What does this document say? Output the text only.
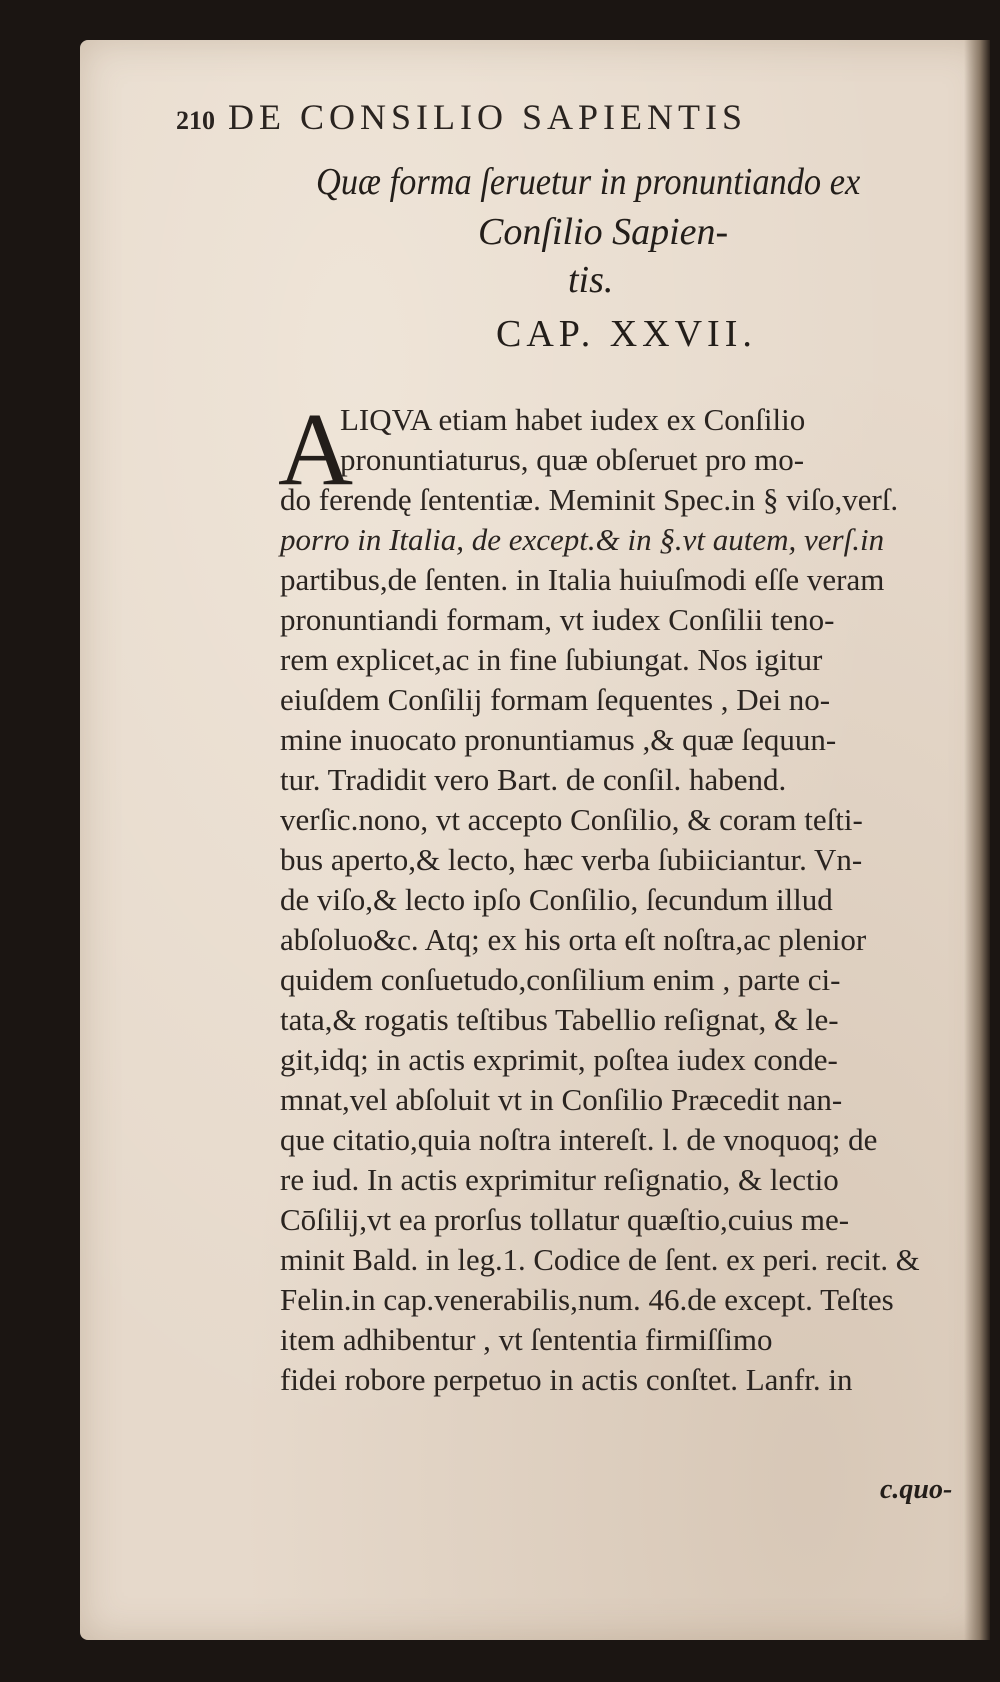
210 DE CONSILIO SAPIENTIS
Quæ forma ſeruetur in pronuntiando ex
Conſilio Sapien-
tis.
CAP. XXVII.
A
LIQVA etiam habet iudex ex Conſilio
pronuntiaturus, quæ obſeruet pro mo-
do ferendę ſententiæ. Meminit Spec.in § viſo,verſ.
porro in Italia, de except.& in §.vt autem, verſ.in
partibus,de ſenten. in Italia huiuſmodi eſſe veram
pronuntiandi formam, vt iudex Conſilii teno-
rem explicet,ac in fine ſubiungat. Nos igitur
eiuſdem Conſilij formam ſequentes , Dei no-
mine inuocato pronuntiamus ,& quæ ſequun-
tur. Tradidit vero Bart. de conſil. habend.
verſic.nono, vt accepto Conſilio, & coram teſti-
bus aperto,& lecto, hæc verba ſubiiciantur. Vn-
de viſo,& lecto ipſo Conſilio, ſecundum illud
abſoluo&c. Atq; ex his orta eſt noſtra,ac plenior
quidem conſuetudo,conſilium enim , parte ci-
tata,& rogatis teſtibus Tabellio reſignat, & le-
git,idq; in actis exprimit, poſtea iudex conde-
mnat,vel abſoluit vt in Conſilio Præcedit nan-
que citatio,quia noſtra intereſt. l. de vnoquoq; de
re iud. In actis exprimitur reſignatio, & lectio
Cōſilij,vt ea prorſus tollatur quæſtio,cuius me-
minit Bald. in leg.1. Codice de ſent. ex peri. recit. &
Felin.in cap.venerabilis,num. 46.de except. Teſtes
item adhibentur , vt ſententia firmiſſimo
fidei robore perpetuo in actis conſtet. Lanfr. in
c.quo-
